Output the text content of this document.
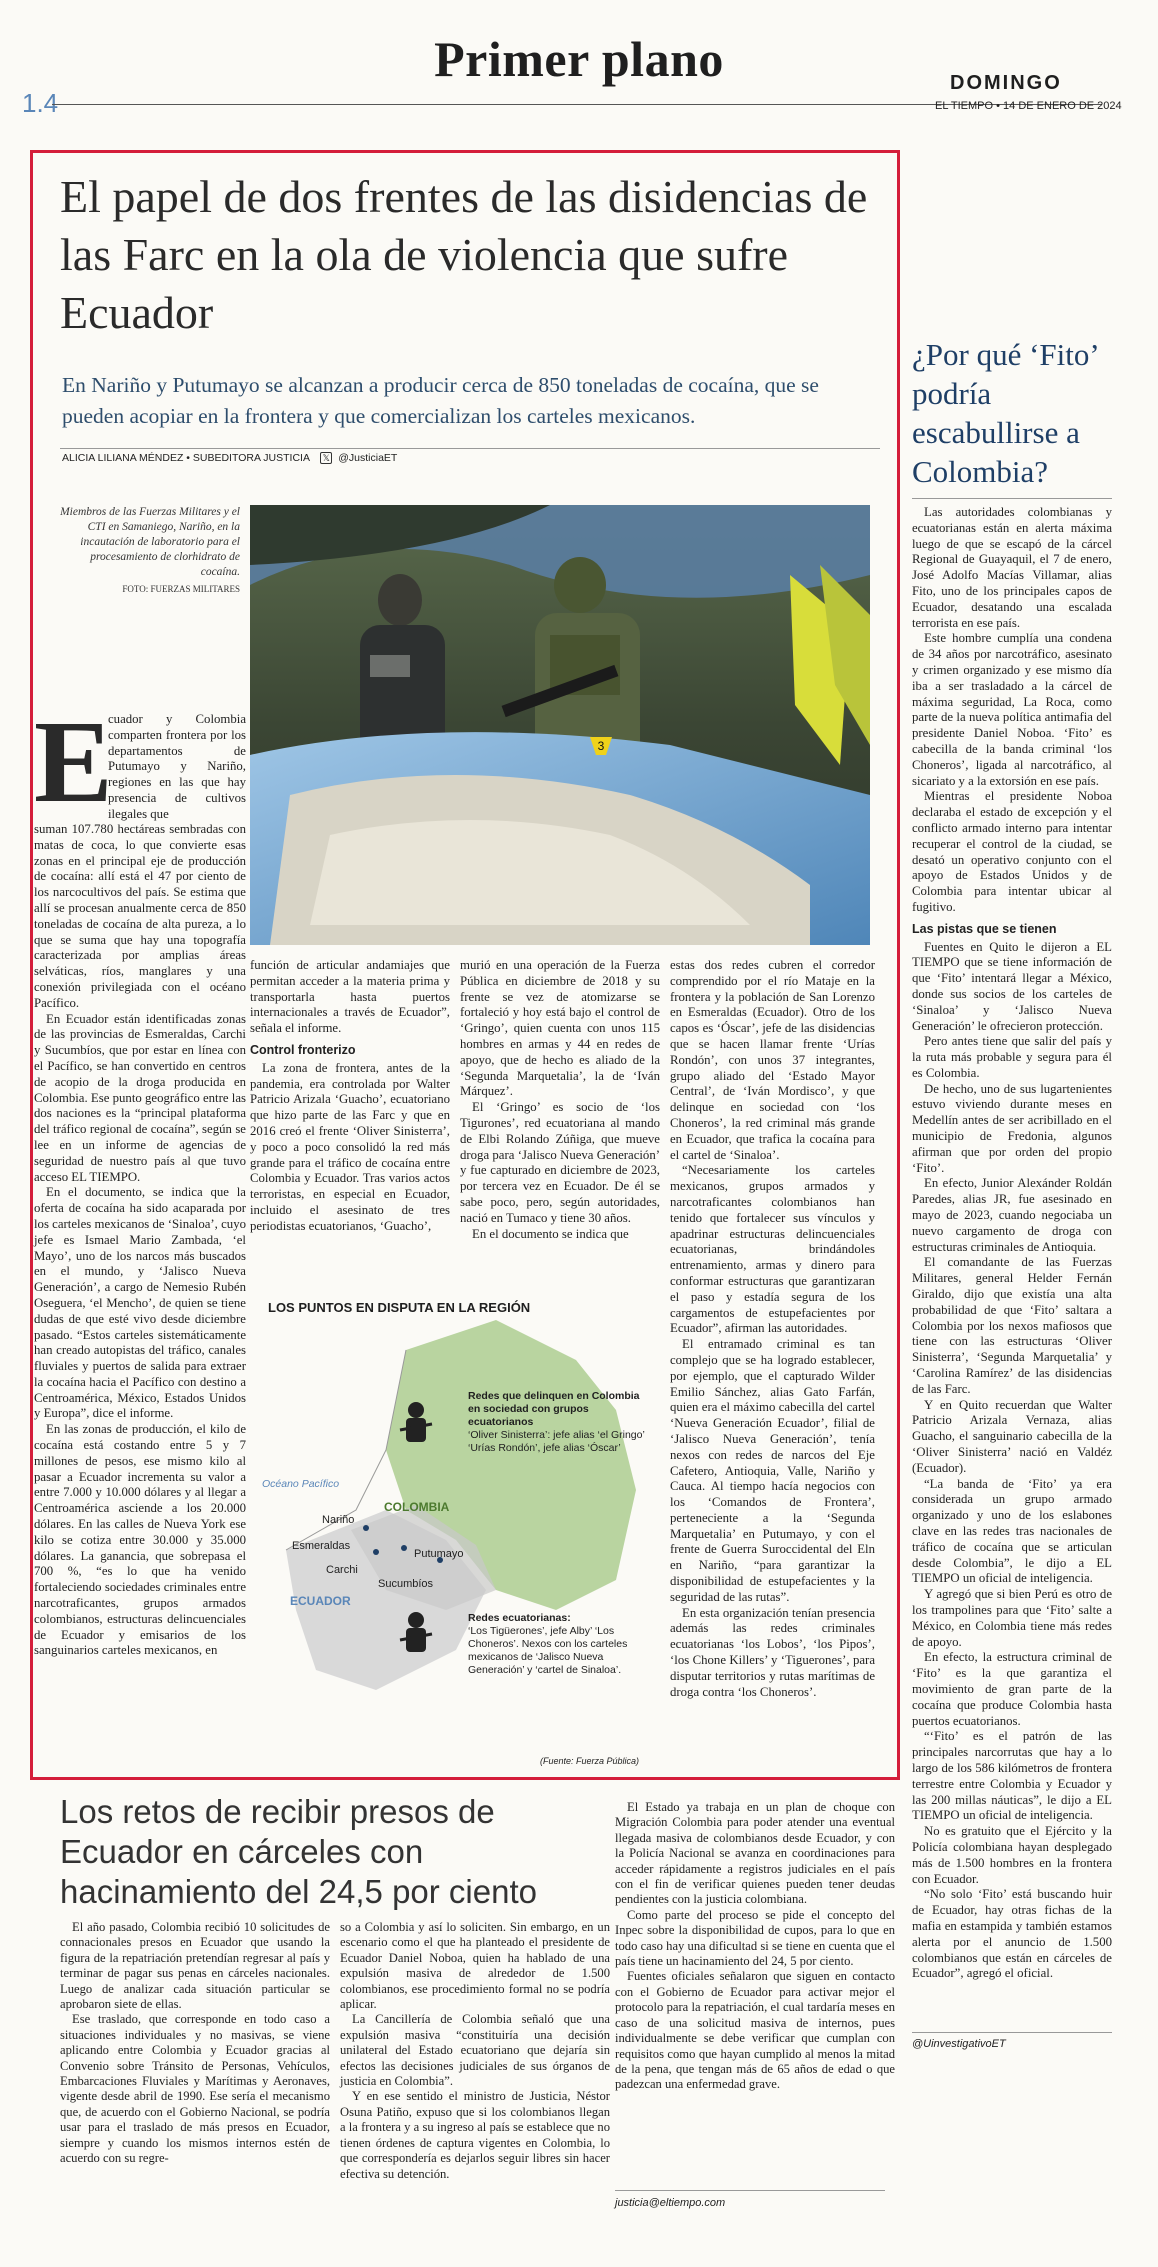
Primer plano
1.4
DOMINGO
EL TIEMPO • 14 DE ENERO DE 2024
El papel de dos frentes de las disidencias de las Farc en la ola de violencia que sufre Ecuador
En Nariño y Putumayo se alcanzan a producir cerca de 850 toneladas de cocaína, que se pueden acopiar en la frontera y que comercializan los carteles mexicanos.
ALICIA LILIANA MÉNDEZ • SUBEDITORA JUSTICIA 𝕏 @JusticiaET
Miembros de las Fuerzas Militares y el CTI en Samaniego, Nariño, en la incautación de laboratorio para el procesamiento de clorhidrato de cocaína.
FOTO: FUERZAS MILITARES
3
E

cuador y Colombia comparten frontera por los departamentos de Putumayo y Nariño, regiones en las que hay presencia de cultivos ilegales que

suman 107.780 hectáreas sembradas con matas de coca, lo que convierte esas zonas en el principal eje de producción de cocaína: allí está el 47 por ciento de los narcocultivos del país. Se estima que allí se procesan anualmente cerca de 850 toneladas de cocaína de alta pureza, a lo que se suma que hay una topografía caracterizada por amplias áreas selváticas, ríos, manglares y una conexión privilegiada con el océano Pacífico.

En Ecuador están identificadas zonas de las provincias de Esmeraldas, Carchi y Sucumbíos, que por estar en línea con el Pacífico, se han convertido en centros de acopio de la droga producida en Colombia. Ese punto geográfico entre las dos naciones es la “principal plataforma del tráfico regional de cocaína”, según se lee en un informe de agencias de seguridad de nuestro país al que tuvo acceso EL TIEMPO.

En el documento, se indica que la oferta de cocaína ha sido acaparada por los carteles mexicanos de ‘Sinaloa’, cuyo jefe es Ismael Mario Zambada, ‘el Mayo’, uno de los narcos más buscados en el mundo, y ‘Jalisco Nueva Generación’, a cargo de Nemesio Rubén Oseguera, ‘el Mencho’, de quien se tiene dudas de que esté vivo desde diciembre pasado. “Estos carteles sistemáticamente han creado autopistas del tráfico, canales fluviales y puertos de salida para extraer la cocaína hacia el Pacífico con destino a Centroamérica, México, Estados Unidos y Europa”, dice el informe.

En las zonas de producción, el kilo de cocaína está costando entre 5 y 7 millones de pesos, ese mismo kilo al pasar a Ecuador incrementa su valor a entre 7.000 y 10.000 dólares y al llegar a Centroamérica asciende a los 20.000 dólares. En las calles de Nueva York ese kilo se cotiza entre 30.000 y 35.000 dólares. La ganancia, que sobrepasa el 700 %, “es lo que ha venido fortaleciendo sociedades criminales entre narcotraficantes, grupos armados colombianos, estructuras delincuenciales de Ecuador y emisarios de los sanguinarios carteles mexicanos, en

función de articular andamiajes que permitan acceder a la materia prima y transportarla hasta puertos internacionales a través de Ecuador”, señala el informe.

Control fronterizo

La zona de frontera, antes de la pandemia, era controlada por Walter Patricio Arizala ‘Guacho’, ecuatoriano que hizo parte de las Farc y que en 2016 creó el frente ‘Oliver Sinisterra’, y poco a poco consolidó la red más grande para el tráfico de cocaína entre Colombia y Ecuador. Tras varios actos terroristas, en especial en Ecuador, incluido el asesinato de tres periodistas ecuatorianos, ‘Guacho’,

murió en una operación de la Fuerza Pública en diciembre de 2018 y su frente se vez de atomizarse se fortaleció y hoy está bajo el control de ‘Gringo’, quien cuenta con unos 115 hombres en armas y 44 en redes de apoyo, que de hecho es aliado de la ‘Segunda Marquetalia’, la de ‘Iván Márquez’.

El ‘Gringo’ es socio de ‘los Tigurones’, red ecuatoriana al mando de Elbi Rolando Zúñiga, que mueve droga para ‘Jalisco Nueva Generación’ y fue capturado en diciembre de 2023, por tercera vez en Ecuador. De él se sabe poco, pero, según autoridades, nació en Tumaco y tiene 30 años.

En el documento se indica que

estas dos redes cubren el corredor comprendido por el río Mataje en la frontera y la población de San Lorenzo en Esmeraldas (Ecuador). Otro de los capos es ‘Óscar’, jefe de las disidencias que se hacen llamar frente ‘Urías Rondón’, con unos 37 integrantes, grupo aliado del ‘Estado Mayor Central’, de ‘Iván Mordisco’, y que delinque en sociedad con ‘los Choneros’, la red criminal más grande en Ecuador, que trafica la cocaína para el cartel de ‘Sinaloa’.

“Necesariamente los carteles mexicanos, grupos armados y narcotraficantes colombianos han tenido que fortalecer sus vínculos y apadrinar estructuras delincuenciales ecuatorianas, brindándoles entrenamiento, armas y dinero para conformar estructuras que garantizaran el paso y estadía segura de los cargamentos de estupefacientes por Ecuador”, afirman las autoridades.

El entramado criminal es tan complejo que se ha logrado establecer, por ejemplo, que el capturado Wilder Emilio Sánchez, alias Gato Farfán, quien era el máximo cabecilla del cartel ‘Nueva Generación Ecuador’, filial de ‘Jalisco Nueva Generación’, tenía nexos con redes de narcos del Eje Cafetero, Antioquia, Valle, Nariño y Cauca. Al tiempo hacía negocios con los ‘Comandos de Frontera’, perteneciente a la ‘Segunda Marquetalia’ en Putumayo, y con el frente de Guerra Suroccidental del Eln en Nariño, “para garantizar la disponibilidad de estupefacientes y la seguridad de las rutas”.

En esta organización tenían presencia además las redes criminales ecuatorianas ‘los Lobos’, ‘los Pipos’, ‘los Chone Killers’ y ‘Tiguerones’, para disputar territorios y rutas marítimas de droga contra ‘los Choneros’.

LOS PUNTOS EN DISPUTA EN LA REGIÓN
Océano Pacífico
COLOMBIA
ECUADOR
Nariño
Esmeraldas
Putumayo
Carchi
Sucumbíos
Redes que delinquen en Colombia en sociedad con grupos ecuatorianos
‘Oliver Sinisterra’: jefe alias ‘el Gringo’ ‘Urías Rondón’, jefe alias ‘Óscar’
Redes ecuatorianas:
‘Los Tigüerones’, jefe Alby’ ‘Los Choneros’. Nexos con los carteles mexicanos de ‘Jalisco Nueva Generación’ y ‘cartel de Sinaloa’.
(Fuente: Fuerza Pública)
¿Por qué ‘Fito’ podría escabullirse a Colombia?

Las autoridades colombianas y ecuatorianas están en alerta máxima luego de que se escapó de la cárcel Regional de Guayaquil, el 7 de enero, José Adolfo Macías Villamar, alias Fito, uno de los principales capos de Ecuador, desatando una escalada terrorista en ese país.

Este hombre cumplía una condena de 34 años por narcotráfico, asesinato y crimen organizado y ese mismo día iba a ser trasladado a la cárcel de máxima seguridad, La Roca, como parte de la nueva política antimafia del presidente Daniel Noboa. ‘Fito’ es cabecilla de la banda criminal ‘los Choneros’, ligada al narcotráfico, al sicariato y a la extorsión en ese país.

Mientras el presidente Noboa declaraba el estado de excepción y el conflicto armado interno para intentar recuperar el control de la ciudad, se desató un operativo conjunto con el apoyo de Estados Unidos y de Colombia para intentar ubicar al fugitivo.

Las pistas que se tienen

Fuentes en Quito le dijeron a EL TIEMPO que se tiene información de que ‘Fito’ intentará llegar a México, donde sus socios de los carteles de ‘Sinaloa’ y ‘Jalisco Nueva Generación’ le ofrecieron protección.

Pero antes tiene que salir del país y la ruta más probable y segura para él es Colombia.

De hecho, uno de sus lugartenientes estuvo viviendo durante meses en Medellín antes de ser acribillado en el municipio de Fredonia, algunos afirman que por orden del propio ‘Fito’.

En efecto, Junior Alexánder Roldán Paredes, alias JR, fue asesinado en mayo de 2023, cuando negociaba un nuevo cargamento de droga con estructuras criminales de Antioquia.

El comandante de las Fuerzas Militares, general Helder Fernán Giraldo, dijo que existía una alta probabilidad de que ‘Fito’ saltara a Colombia por los nexos mafiosos que tiene con las estructuras ‘Oliver Sinisterra’, ‘Segunda Marquetalia’ y ‘Carolina Ramírez’ de las disidencias de las Farc.

Y en Quito recuerdan que Walter Patricio Arizala Vernaza, alias Guacho, el sanguinario cabecilla de la ‘Oliver Sinisterra’ nació en Valdéz (Ecuador).

“La banda de ‘Fito’ ya era considerada un grupo armado organizado y uno de los eslabones clave en las redes tras nacionales de tráfico de cocaína que se articulan desde Colombia”, le dijo a EL TIEMPO un oficial de inteligencia.

Y agregó que si bien Perú es otro de los trampolines para que ‘Fito’ salte a México, en Colombia tiene más redes de apoyo.

En efecto, la estructura criminal de ‘Fito’ es la que garantiza el movimiento de gran parte de la cocaína que produce Colombia hasta puertos ecuatorianos.

“‘Fito’ es el patrón de las principales narcorrutas que hay a lo largo de los 586 kilómetros de frontera terrestre entre Colombia y Ecuador y las 200 millas náuticas”, le dijo a EL TIEMPO un oficial de inteligencia.

No es gratuito que el Ejército y la Policía colombiana hayan desplegado más de 1.500 hombres en la frontera con Ecuador.

“No solo ‘Fito’ está buscando huir de Ecuador, hay otras fichas de la mafia en estampida y también estamos alerta por el anuncio de 1.500 colombianos que están en cárceles de Ecuador”, agregó el oficial.

@UinvestigativoET
Los retos de recibir presos de Ecuador en cárceles con hacinamiento del 24,5 por ciento

El año pasado, Colombia recibió 10 solicitudes de connacionales presos en Ecuador que usando la figura de la repatriación pretendían regresar al país y terminar de pagar sus penas en cárceles nacionales. Luego de analizar cada situación particular se aprobaron siete de ellas.

Ese traslado, que corresponde en todo caso a situaciones individuales y no masivas, se viene aplicando entre Colombia y Ecuador gracias al Convenio sobre Tránsito de Personas, Vehículos, Embarcaciones Fluviales y Marítimas y Aeronaves, vigente desde abril de 1990. Ese sería el mecanismo que, de acuerdo con el Gobierno Nacional, se podría usar para el traslado de más presos en Ecuador, siempre y cuando los mismos internos estén de acuerdo con su regre-

so a Colombia y así lo soliciten. Sin embargo, en un escenario como el que ha planteado el presidente de Ecuador Daniel Noboa, quien ha hablado de una expulsión masiva de alrededor de 1.500 colombianos, ese procedimiento formal no se podría aplicar.

La Cancillería de Colombia señaló que una expulsión masiva “constituiría una decisión unilateral del Estado ecuatoriano que dejaría sin efectos las decisiones judiciales de sus órganos de justicia en Colombia”.

Y en ese sentido el ministro de Justicia, Néstor Osuna Patiño, expuso que si los colombianos llegan a la frontera y a su ingreso al país se establece que no tienen órdenes de captura vigentes en Colombia, lo que correspondería es dejarlos seguir libres sin hacer efectiva su detención.

El Estado ya trabaja en un plan de choque con Migración Colombia para poder atender una eventual llegada masiva de colombianos desde Ecuador, y con la Policía Nacional se avanza en coordinaciones para acceder rápidamente a registros judiciales en el país con el fin de verificar quienes pueden tener deudas pendientes con la justicia colombiana.

Como parte del proceso se pide el concepto del Inpec sobre la disponibilidad de cupos, para lo que en todo caso hay una dificultad si se tiene en cuenta que el país tiene un hacinamiento del 24, 5 por ciento.

Fuentes oficiales señalaron que siguen en contacto con el Gobierno de Ecuador para activar mejor el protocolo para la repatriación, el cual tardaría meses en caso de una solicitud masiva de internos, pues individualmente se debe verificar que cumplan con requisitos como que hayan cumplido al menos la mitad de la pena, que tengan más de 65 años de edad o que padezcan una enfermedad grave.

justicia@eltiempo.com
